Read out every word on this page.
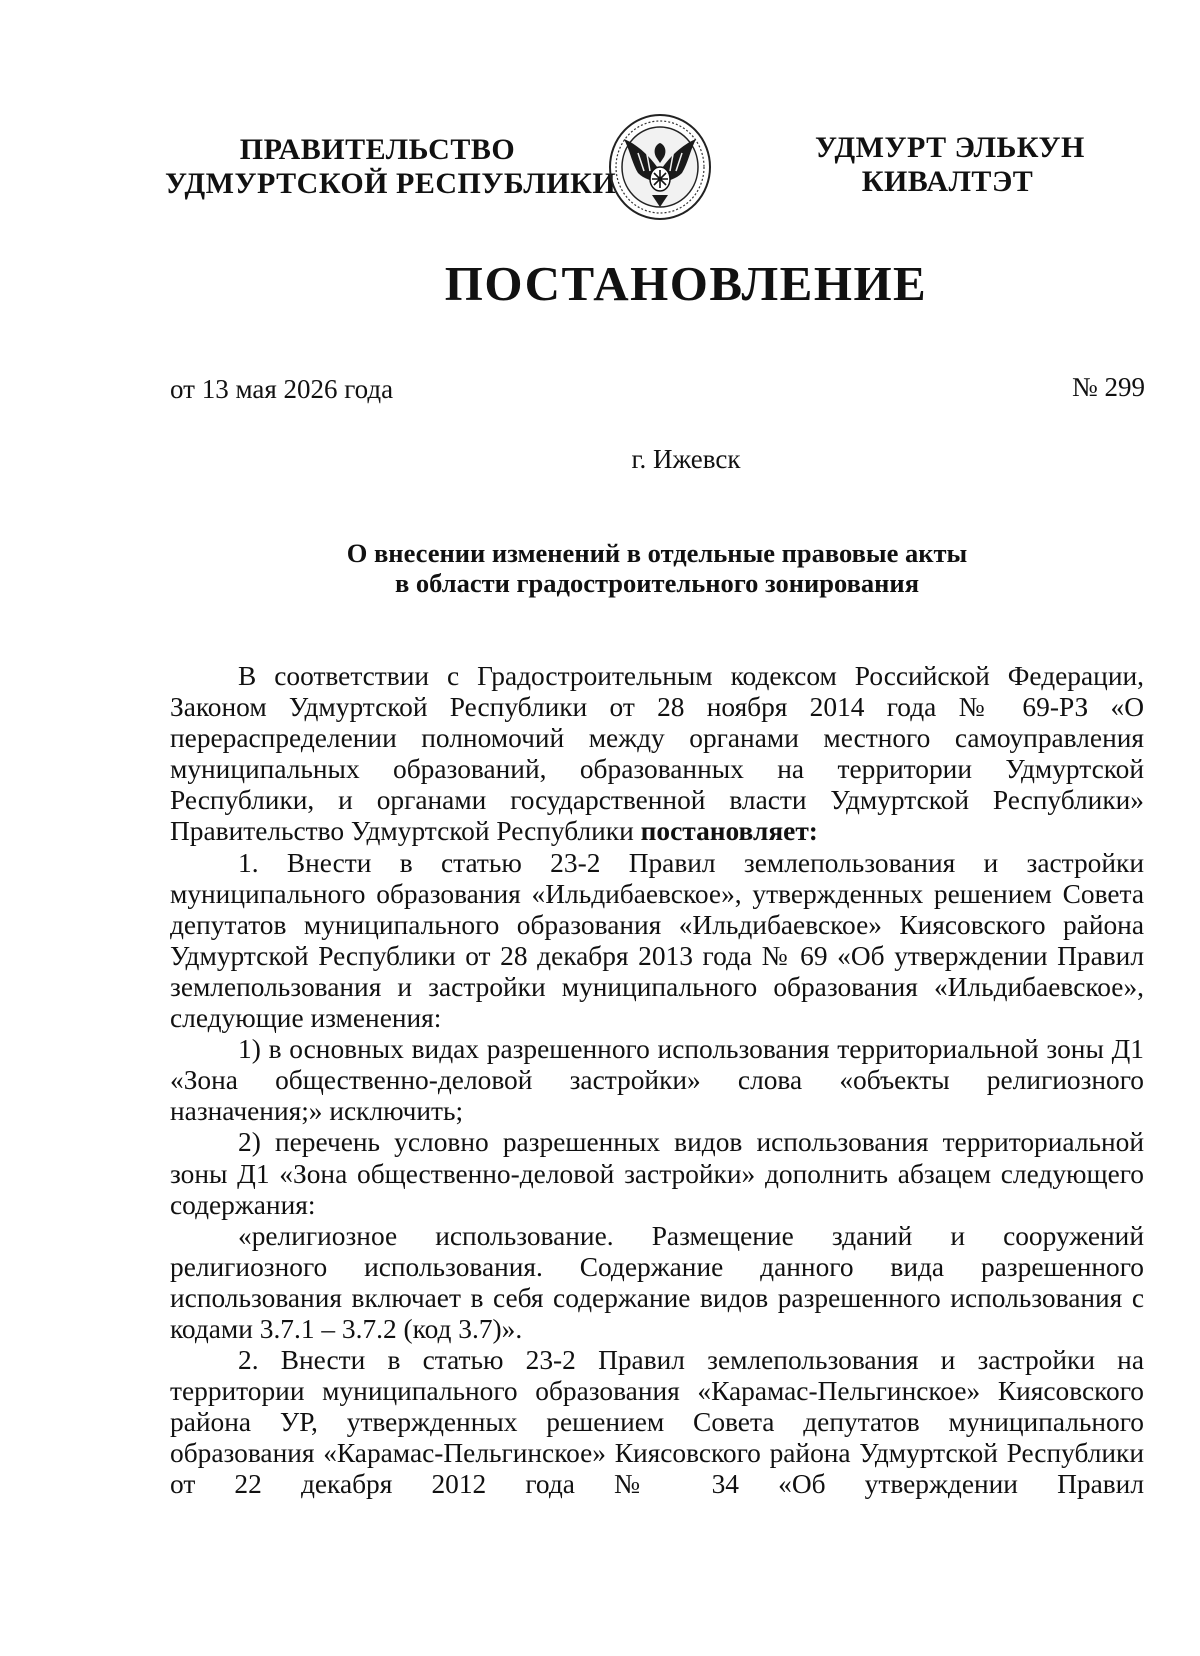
ПРАВИТЕЛЬСТВО
УДМУРТСКОЙ РЕСПУБЛИКИ
УДМУРТ ЭЛЬКУН
КИВАЛТЭТ
ПОСТАНОВЛЕНИЕ
от 13 мая 2026 года	№ 299
г. Ижевск
О внесении изменений в отдельные правовые акты
в области градостроительного зонирования

В соответствии с Градостроительным кодексом Российской Федерации, Законом Удмуртской Республики от 28 ноября 2014 года № 69-РЗ «О перераспределении полномочий между органами местного самоуправления муниципальных образований, образованных на территории Удмуртской Республики, и органами государственной власти Удмуртской Республики» Правительство Удмуртской Республики постановляет:

1. Внести в статью 23-2 Правил землепользования и застройки муниципального образования «Ильдибаевское», утвержденных решением Совета депутатов муниципального образования «Ильдибаевское» Киясовского района Удмуртской Республики от 28 декабря 2013 года № 69 «Об утверждении Правил землепользования и застройки муниципального образования «Ильдибаевское», следующие изменения:

1) в основных видах разрешенного использования территориальной зоны Д1 «Зона общественно-деловой застройки» слова «объекты религиозного назначения;» исключить;

2) перечень условно разрешенных видов использования территориальной зоны Д1 «Зона общественно-деловой застройки» дополнить абзацем следующего содержания:

«религиозное использование. Размещение зданий и сооружений религиозного использования. Содержание данного вида разрешенного использования включает в себя содержание видов разрешенного использования с кодами 3.7.1 – 3.7.2 (код 3.7)».

2. Внести в статью 23-2 Правил землепользования и застройки на территории муниципального образования «Карамас-Пельгинское» Киясовского района УР, утвержденных решением Совета депутатов муниципального образования «Карамас-Пельгинское» Киясовского района Удмуртской Республики от 22 декабря 2012 года № 34 «Об утверждении Правил
